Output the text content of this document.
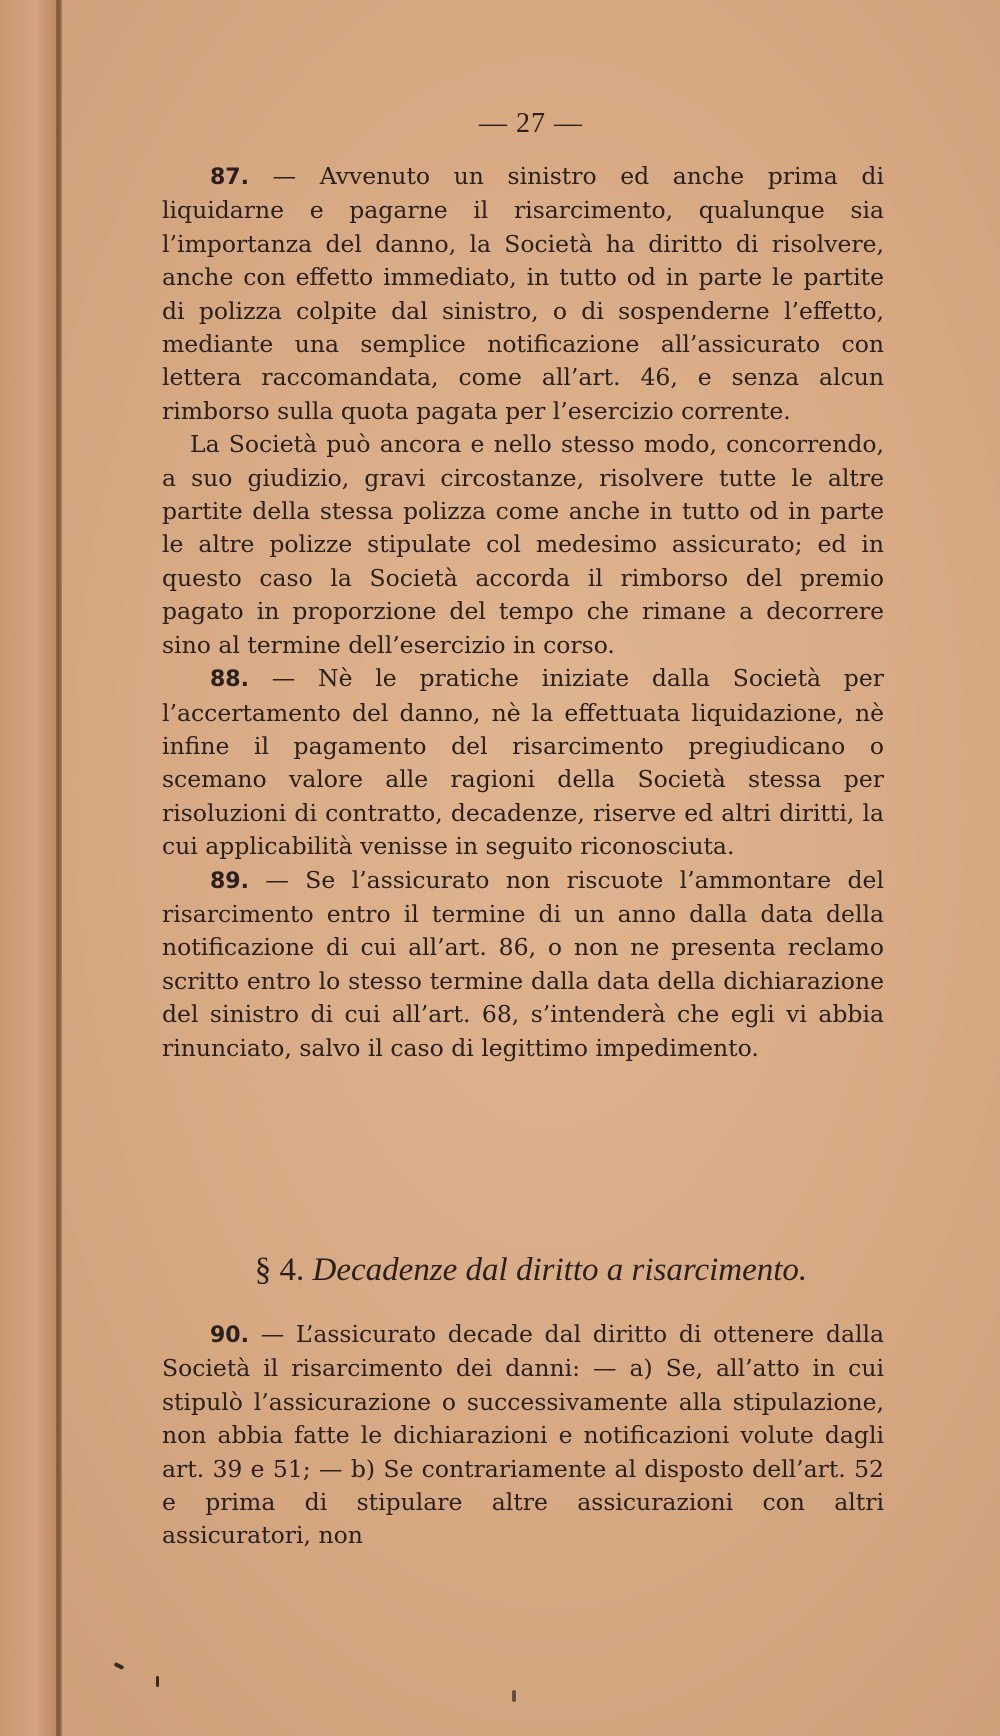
— 27 —

87. — Avvenuto un sinistro ed anche prima di liquidarne e pagarne il risarcimento, qualunque sia l’importanza del danno, la Società ha diritto di risolvere, anche con effetto immediato, in tutto od in parte le partite di polizza colpite dal sinistro, o di sospenderne l’effetto, mediante una semplice notificazione all’assicurato con lettera raccomandata, come all’art. 46, e senza alcun rimborso sulla quota pagata per l’esercizio corrente.

La Società può ancora e nello stesso modo, concorrendo, a suo giudizio, gravi circostanze, risolvere tutte le altre partite della stessa polizza come anche in tutto od in parte le altre polizze stipulate col medesimo assicurato; ed in questo caso la Società accorda il rimborso del premio pagato in proporzione del tempo che rimane a decorrere sino al termine dell’esercizio in corso.

88. — Nè le pratiche iniziate dalla Società per l’accertamento del danno, nè la effettuata liquidazione, nè infine il pagamento del risarcimento pregiudicano o scemano valore alle ragioni della Società stessa per risoluzioni di contratto, decadenze, riserve ed altri diritti, la cui applicabilità venisse in seguito riconosciuta.

89. — Se l’assicurato non riscuote l’ammontare del risarcimento entro il termine di un anno dalla data della notificazione di cui all’art. 86, o non ne presenta reclamo scritto entro lo stesso termine dalla data della dichiarazione del sinistro di cui all’art. 68, s’intenderà che egli vi abbia rinunciato, salvo il caso di legittimo impedimento.

§ 4. Decadenze dal diritto a risarcimento.

90. — L’assicurato decade dal diritto di ottenere dalla Società il risarcimento dei danni: — a) Se, all’atto in cui stipulò l’assicurazione o successivamente alla stipulazione, non abbia fatte le dichiarazioni e notificazioni volute dagli art. 39 e 51; — b) Se contrariamente al disposto dell’art. 52 e prima di stipulare altre assicurazioni con altri assicuratori, non
